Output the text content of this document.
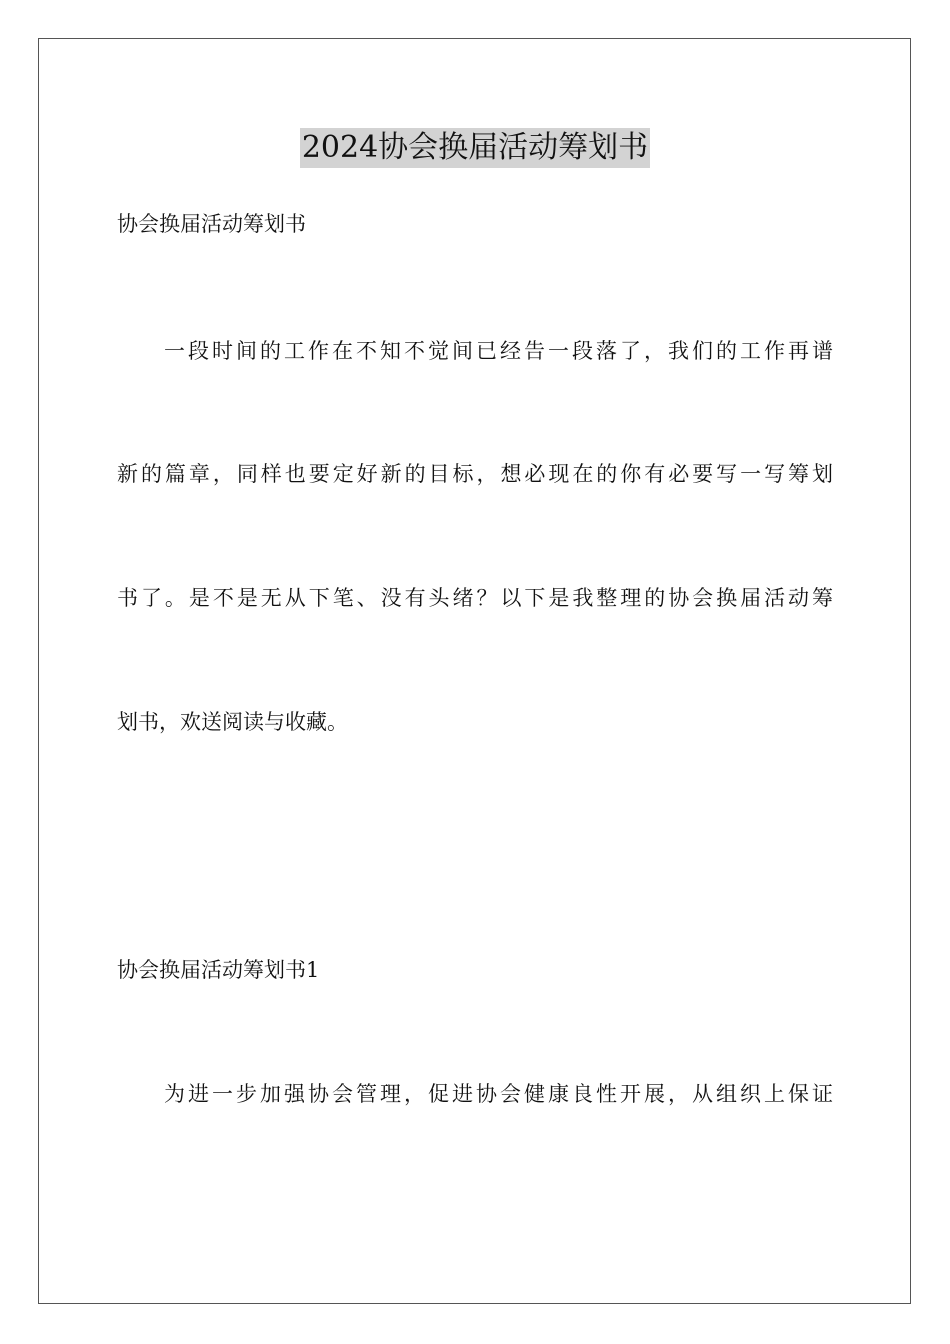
2024协会换届活动筹划书
协会换届活动筹划书
一段时间的工作在不知不觉间已经告一段落了，我们的工作再谱
新的篇章，同样也要定好新的目标，想必现在的你有必要写一写筹划
书了。是不是无从下笔、没有头绪？以下是我整理的协会换届活动筹
划书，欢送阅读与收藏。
协会换届活动筹划书1
为进一步加强协会管理，促进协会健康良性开展，从组织上保证
